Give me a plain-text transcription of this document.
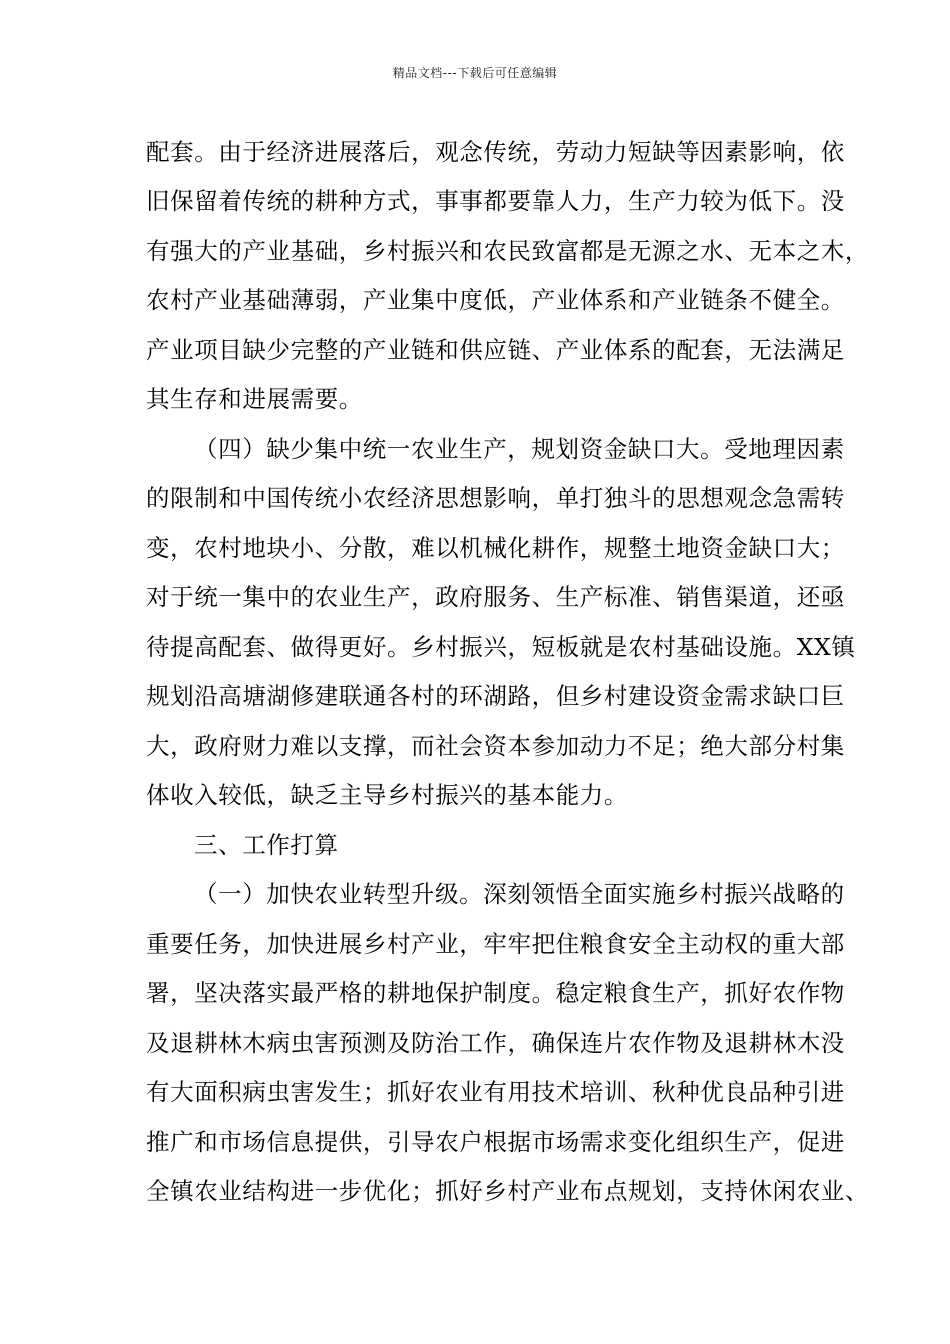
精品文档---下载后可任意编辑
配套。由于经济进展落后，观念传统，劳动力短缺等因素影响，依
旧保留着传统的耕种方式，事事都要靠人力，生产力较为低下。没
有强大的产业基础，乡村振兴和农民致富都是无源之水、无本之木，
农村产业基础薄弱，产业集中度低，产业体系和产业链条不健全。
产业项目缺少完整的产业链和供应链、产业体系的配套，无法满足
其生存和进展需要。
（四）缺少集中统一农业生产，规划资金缺口大。受地理因素
的限制和中国传统小农经济思想影响，单打独斗的思想观念急需转
变，农村地块小、分散，难以机械化耕作，规整土地资金缺口大；
对于统一集中的农业生产，政府服务、生产标准、销售渠道，还亟
待提高配套、做得更好。乡村振兴，短板就是农村基础设施。XX镇
规划沿高塘湖修建联通各村的环湖路，但乡村建设资金需求缺口巨
大，政府财力难以支撑，而社会资本参加动力不足；绝大部分村集
体收入较低，缺乏主导乡村振兴的基本能力。
三、工作打算
（一）加快农业转型升级。深刻领悟全面实施乡村振兴战略的
重要任务，加快进展乡村产业，牢牢把住粮食安全主动权的重大部
署，坚决落实最严格的耕地保护制度。稳定粮食生产，抓好农作物
及退耕林木病虫害预测及防治工作，确保连片农作物及退耕林木没
有大面积病虫害发生；抓好农业有用技术培训、秋种优良品种引进
推广和市场信息提供，引导农户根据市场需求变化组织生产，促进
全镇农业结构进一步优化；抓好乡村产业布点规划，支持休闲农业、
